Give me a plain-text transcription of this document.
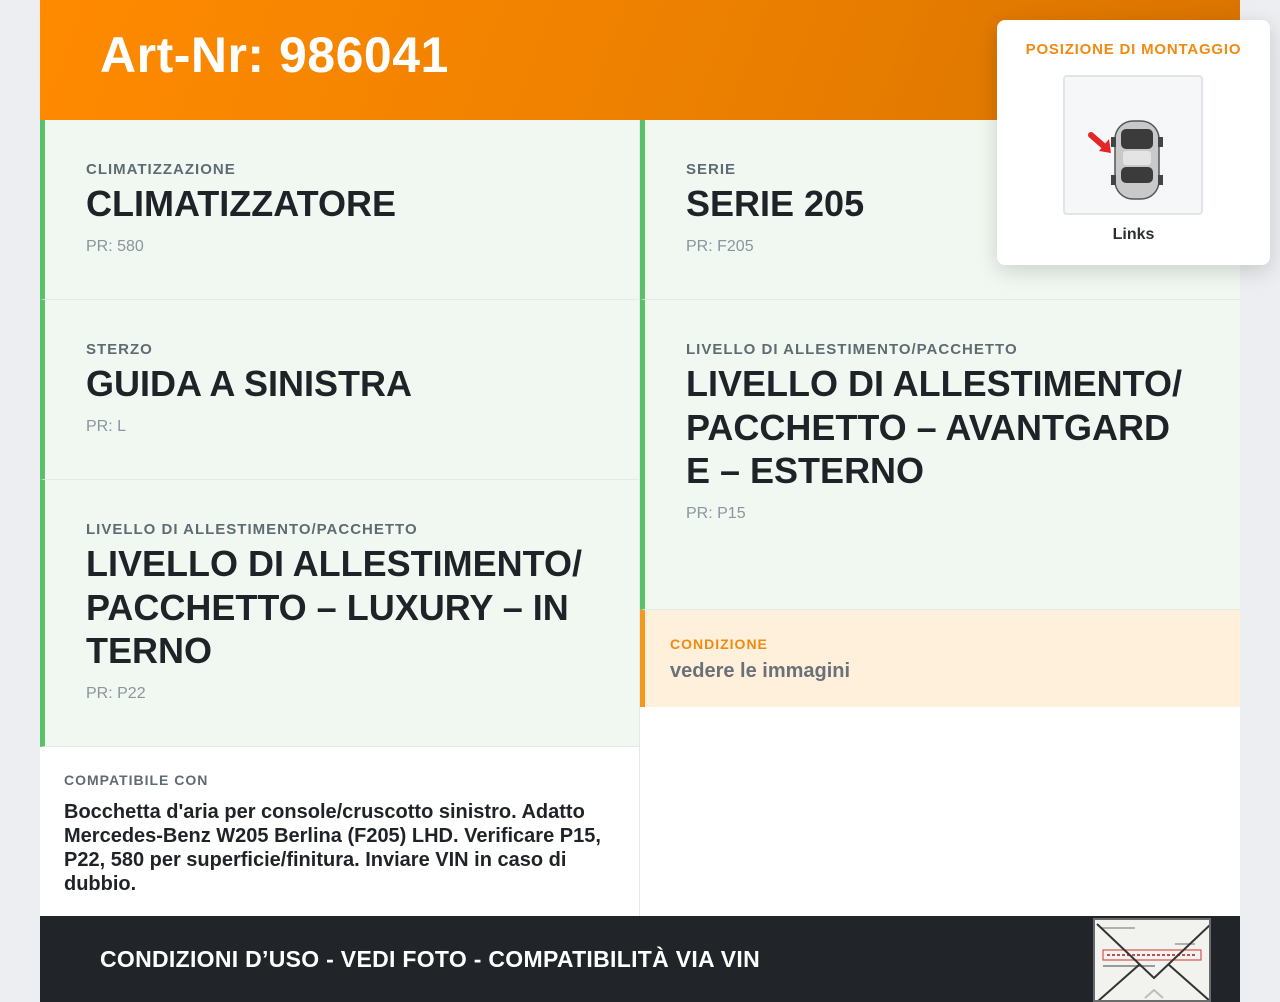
Art-Nr: 986041
CLIMATIZZAZIONE
CLIMATIZZATORE
PR: 580
STERZO
GUIDA A SINISTRA
PR: L
LIVELLO DI ALLESTIMENTO/PACCHETTO
LIVELLO DI ALLESTIMENTO/PACCHETTO – LUXURY – INTERNO
PR: P22
SERIE
SERIE 205
PR: F205
LIVELLO DI ALLESTIMENTO/PACCHETTO
LIVELLO DI ALLESTIMENTO/PACCHETTO – AVANTGARDE – ESTERNO
PR: P15
CONDIZIONE
vedere le immagini
COMPATIBILE CON
Bocchetta d'aria per console/cruscotto sinistro. Adatto Mercedes-Benz W205 Berlina (F205) LHD. Verificare P15, P22, 580 per superficie/finitura. Inviare VIN in caso di dubbio.
CONDIZIONI D’USO - VEDI FOTO - COMPATIBILITÀ VIA VIN
POSIZIONE DI MONTAGGIO
Links
